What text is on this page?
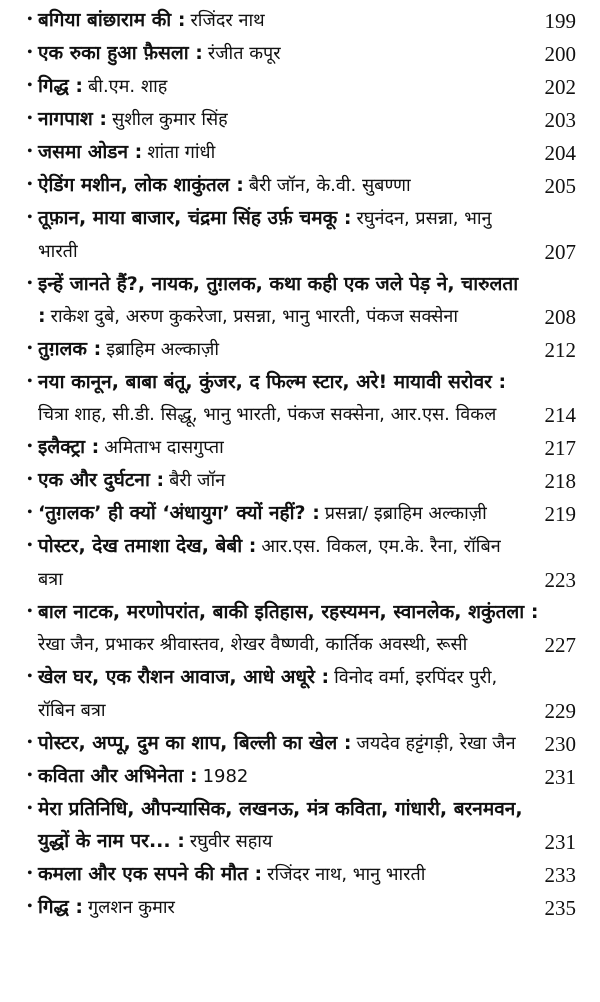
• बगिया बांछाराम की : रजिंदर नाथ	199
• एक रुका हुआ फ़ैसला : रंजीत कपूर	200
• गिद्ध : बी.एम. शाह	202
• नागपाश : सुशील कुमार सिंह	203
• जसमा ओडन : शांता गांधी	204
• ऐडिंग मशीन, लोक शाकुंतल : बैरी जॉन, के.वी. सुबण्णा	205
• तूफ़ान, माया बाजार, चंद्रमा सिंह उर्फ़ चमकू : रघुनंदन, प्रसन्ना, भानु भारती	207
• इन्हें जानते हैं?, नायक, तुग़लक, कथा कही एक जले पेड़ ने, चारुलता : राकेश दुबे, अरुण कुकरेजा, प्रसन्ना, भानु भारती, पंकज सक्सेना	208
• तुग़लक : इब्राहिम अल्काज़ी	212
• नया कानून, बाबा बंतू, कुंजर, द फिल्म स्टार, अरे! मायावी सरोवर : चित्रा शाह, सी.डी. सिद्धू, भानु भारती, पंकज सक्सेना, आर.एस. विकल	214
• इलैक्ट्रा : अमिताभ दासगुप्ता	217
• एक और दुर्घटना : बैरी जॉन	218
• ‘तुग़लक’ ही क्यों ‘अंधायुग’ क्यों नहीं? : प्रसन्ना/ इब्राहिम अल्काज़ी	219
• पोस्टर, देख तमाशा देख, बेबी : आर.एस. विकल, एम.के. रैना, रॉबिन बत्रा	223
• बाल नाटक, मरणोपरांत, बाकी इतिहास, रहस्यमन, स्वानलेक, शकुंतला : रेखा जैन, प्रभाकर श्रीवास्तव, शेखर वैष्णवी, कार्तिक अवस्थी, रूसी	227
• खेल घर, एक रौशन आवाज, आधे अधूरे : विनोद वर्मा, इरपिंदर पुरी, रॉबिन बत्रा	229
• पोस्टर, अप्पू, दुम का शाप, बिल्ली का खेल : जयदेव हट्टंगड़ी, रेखा जैन	230
• कविता और अभिनेता : 1982	231
• मेरा प्रतिनिधि, औपन्यासिक, लखनऊ, मंत्र कविता, गांधारी, बरनमवन, युद्धों के नाम पर... : रघुवीर सहाय	231
• कमला और एक सपने की मौत : रजिंदर नाथ, भानु भारती	233
• गिद्ध : गुलशन कुमार	235
